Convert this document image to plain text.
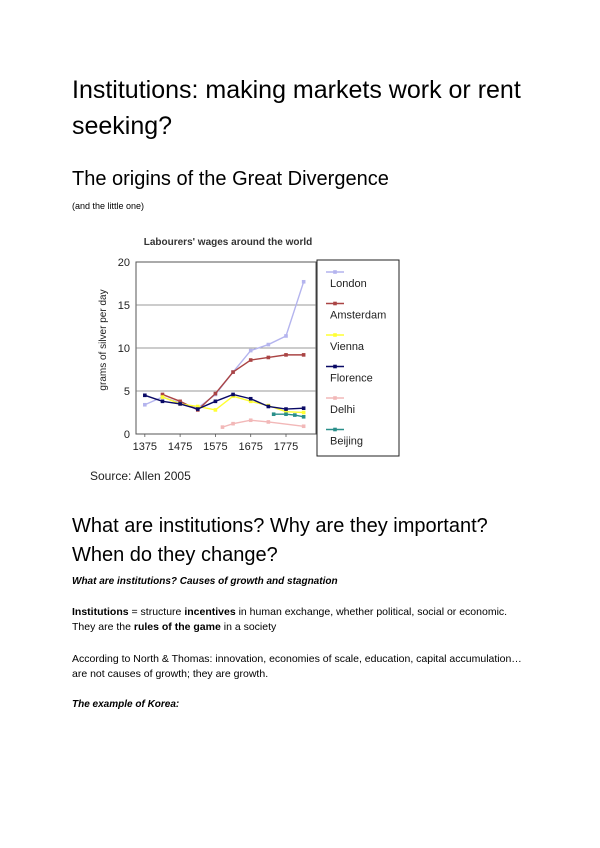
Institutions: making markets work or rent seeking?
The origins of the Great Divergence
(and the little one)
Labourers' wages around the world
grams of silver per day
0
5
10
15
20
1375 1475 1575 1675 1775
London
Amsterdam
Vienna
Florence
Delhi
Beijing
Source: Allen 2005
What are institutions? Why are they important? When do they change?
What are institutions? Causes of growth and stagnation
Institutions = structure incentives in human exchange, whether political, social or economic. They are the rules of the game in a society
According to North & Thomas: innovation, economies of scale, education, capital accumulation… are not causes of growth; they are growth.
The example of Korea:
